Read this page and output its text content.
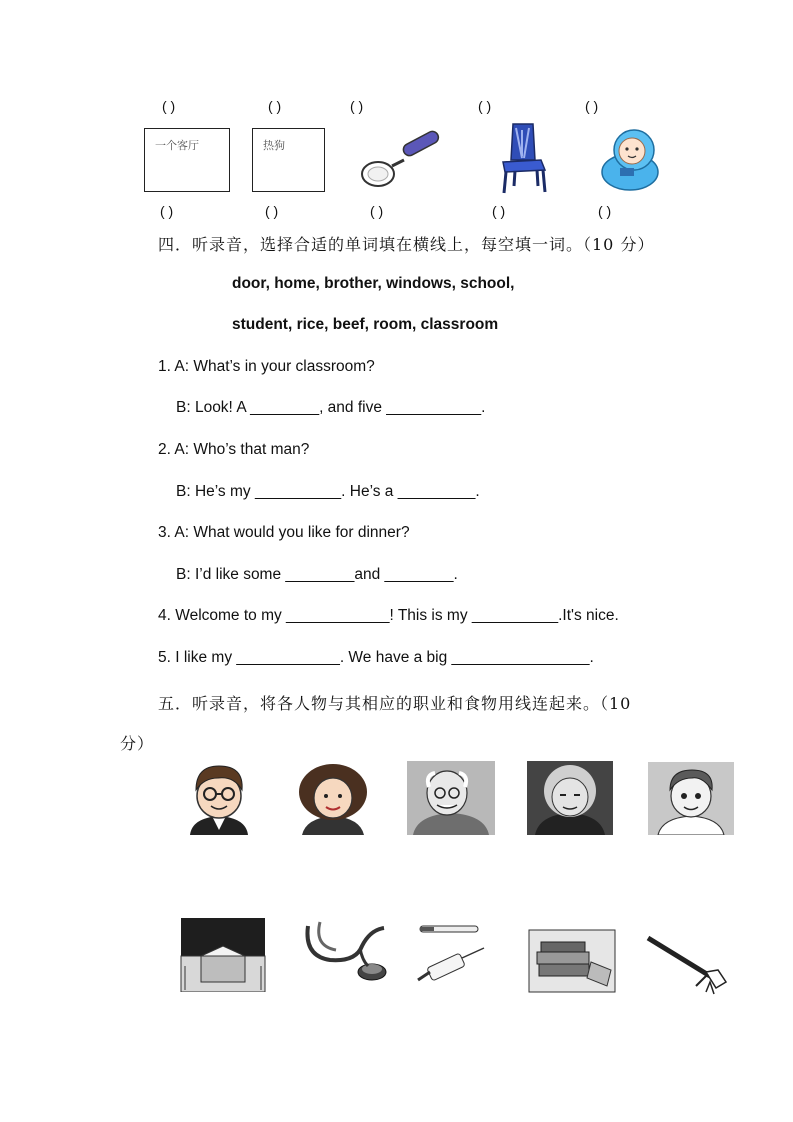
( )	( )	( )	( )	( )
一个客厅	热狗
( )	( )	( )	( )	( )
四．听录音，选择合适的单词填在横线上，每空填一词。（10 分）
door, home, brother, windows, school,
student, rice, beef, room, classroom
1. A: What’s in your classroom?
B: Look! A ________, and five ___________.
2. A: Who’s that man?
B: He’s my __________. He’s a _________.
3. A: What would you like for dinner?
B: I’d like some ________and ________.
4. Welcome to my ____________! This is my __________.It's nice.
5. I like my ____________. We have a big ________________.
五．听录音，将各人物与其相应的职业和食物用线连起来。（10
分）
